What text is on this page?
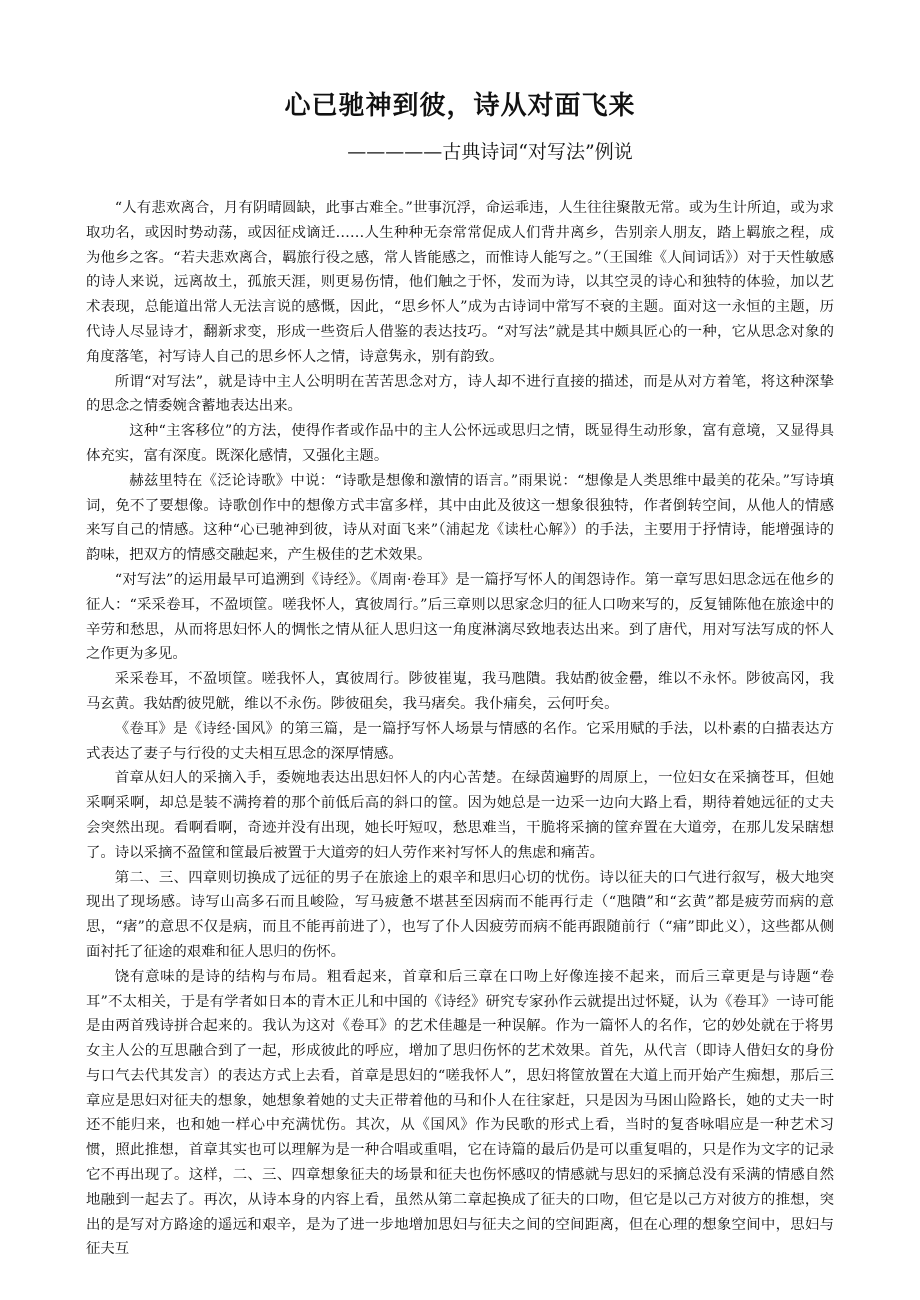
心已驰神到彼，诗从对面飞来
—————古典诗词“对写法”例说

“人有悲欢离合，月有阴晴圆缺，此事古难全。”世事沉浮，命运乖违，人生往往聚散无常。或为生计所迫，或为求取功名，或因时势动荡，或因征戍谪迁……人生种种无奈常常促成人们背井离乡，告别亲人朋友，踏上羁旅之程，成为他乡之客。“若夫悲欢离合，羁旅行役之感，常人皆能感之，而惟诗人能写之。”（王国维《人间词话》）对于天性敏感的诗人来说，远离故土，孤旅天涯，则更易伤情，他们触之于怀，发而为诗，以其空灵的诗心和独特的体验，加以艺术表现，总能道出常人无法言说的感慨，因此，“思乡怀人”成为古诗词中常写不衰的主题。面对这一永恒的主题，历代诗人尽显诗才，翻新求变，形成一些资后人借鉴的表达技巧。“对写法”就是其中颇具匠心的一种，它从思念对象的角度落笔，衬写诗人自己的思乡怀人之情，诗意隽永，别有韵致。

所谓“对写法”，就是诗中主人公明明在苦苦思念对方，诗人却不进行直接的描述，而是从对方着笔，将这种深挚的思念之情委婉含蓄地表达出来。

这种“主客移位”的方法，使得作者或作品中的主人公怀远或思归之情，既显得生动形象，富有意境，又显得具体充实，富有深度。既深化感情，又强化主题。

赫兹里特在《泛论诗歌》中说：“诗歌是想像和激情的语言。”雨果说：“想像是人类思维中最美的花朵。”写诗填词，免不了要想像。诗歌创作中的想像方式丰富多样，其中由此及彼这一想象很独特，作者倒转空间，从他人的情感来写自己的情感。这种“心已驰神到彼，诗从对面飞来”（浦起龙《读杜心解》）的手法，主要用于抒情诗，能增强诗的韵味，把双方的情感交融起来，产生极佳的艺术效果。

“对写法”的运用最早可追溯到《诗经》。《周南·卷耳》是一篇抒写怀人的闺怨诗作。第一章写思妇思念远在他乡的征人：“采采卷耳，不盈顷筐。嗟我怀人，寘彼周行。”后三章则以思家念归的征人口吻来写的，反复铺陈他在旅途中的辛劳和愁思，从而将思妇怀人的惆怅之情从征人思归这一角度淋漓尽致地表达出来。到了唐代，用对写法写成的怀人之作更为多见。

采采卷耳，不盈顷筐。嗟我怀人，寘彼周行。陟彼崔嵬，我马虺隤。我姑酌彼金罍，维以不永怀。陟彼高冈，我马玄黄。我姑酌彼兕觥，维以不永伤。陟彼砠矣，我马瘏矣。我仆痡矣，云何吁矣。

《卷耳》是《诗经·国风》的第三篇，是一篇抒写怀人场景与情感的名作。它采用赋的手法，以朴素的白描表达方式表达了妻子与行役的丈夫相互思念的深厚情感。

首章从妇人的采摘入手，委婉地表达出思妇怀人的内心苦楚。在绿茵遍野的周原上，一位妇女在采摘苍耳，但她采啊采啊，却总是装不满挎着的那个前低后高的斜口的筐。因为她总是一边采一边向大路上看，期待着她远征的丈夫会突然出现。看啊看啊，奇迹并没有出现，她长吁短叹，愁思难当，干脆将采摘的筐弃置在大道旁，在那儿发呆瞎想了。诗以采摘不盈筐和筐最后被置于大道旁的妇人劳作来衬写怀人的焦虑和痛苦。

第二、三、四章则切换成了远征的男子在旅途上的艰辛和思归心切的忧伤。诗以征夫的口气进行叙写，极大地突现出了现场感。诗写山高多石而且峻险，写马疲惫不堪甚至因病而不能再行走（“虺隤”和“玄黄”都是疲劳而病的意思，“瘏”的意思不仅是病，而且不能再前进了），也写了仆人因疲劳而病不能再跟随前行（“痡”即此义），这些都从侧面衬托了征途的艰难和征人思归的伤怀。

饶有意味的是诗的结构与布局。粗看起来，首章和后三章在口吻上好像连接不起来，而后三章更是与诗题“卷耳”不太相关，于是有学者如日本的青木正儿和中国的《诗经》研究专家孙作云就提出过怀疑，认为《卷耳》一诗可能是由两首残诗拼合起来的。我认为这对《卷耳》的艺术佳趣是一种误解。作为一篇怀人的名作，它的妙处就在于将男女主人公的互思融合到了一起，形成彼此的呼应，增加了思归伤怀的艺术效果。首先，从代言（即诗人借妇女的身份与口气去代其发言）的表达方式上去看，首章是思妇的“嗟我怀人”，思妇将筐放置在大道上而开始产生痴想，那后三章应是思妇对征夫的想象，她想象着她的丈夫正带着他的马和仆人在往家赶，只是因为马困山险路长，她的丈夫一时还不能归来，也和她一样心中充满忧伤。其次，从《国风》作为民歌的形式上看，当时的复沓咏唱应是一种艺术习惯，照此推想，首章其实也可以理解为是一种合唱或重唱，它在诗篇的最后仍是可以重复唱的，只是作为文字的记录它不再出现了。这样，二、三、四章想象征夫的场景和征夫也伤怀感叹的情感就与思妇的采摘总没有采满的情感自然地融到一起去了。再次，从诗本身的内容上看，虽然从第二章起换成了征夫的口吻，但它是以己方对彼方的推想，突出的是写对方路途的遥远和艰辛，是为了进一步地增加思妇与征夫之间的空间距离，但在心理的想象空间中，思妇与征夫互
